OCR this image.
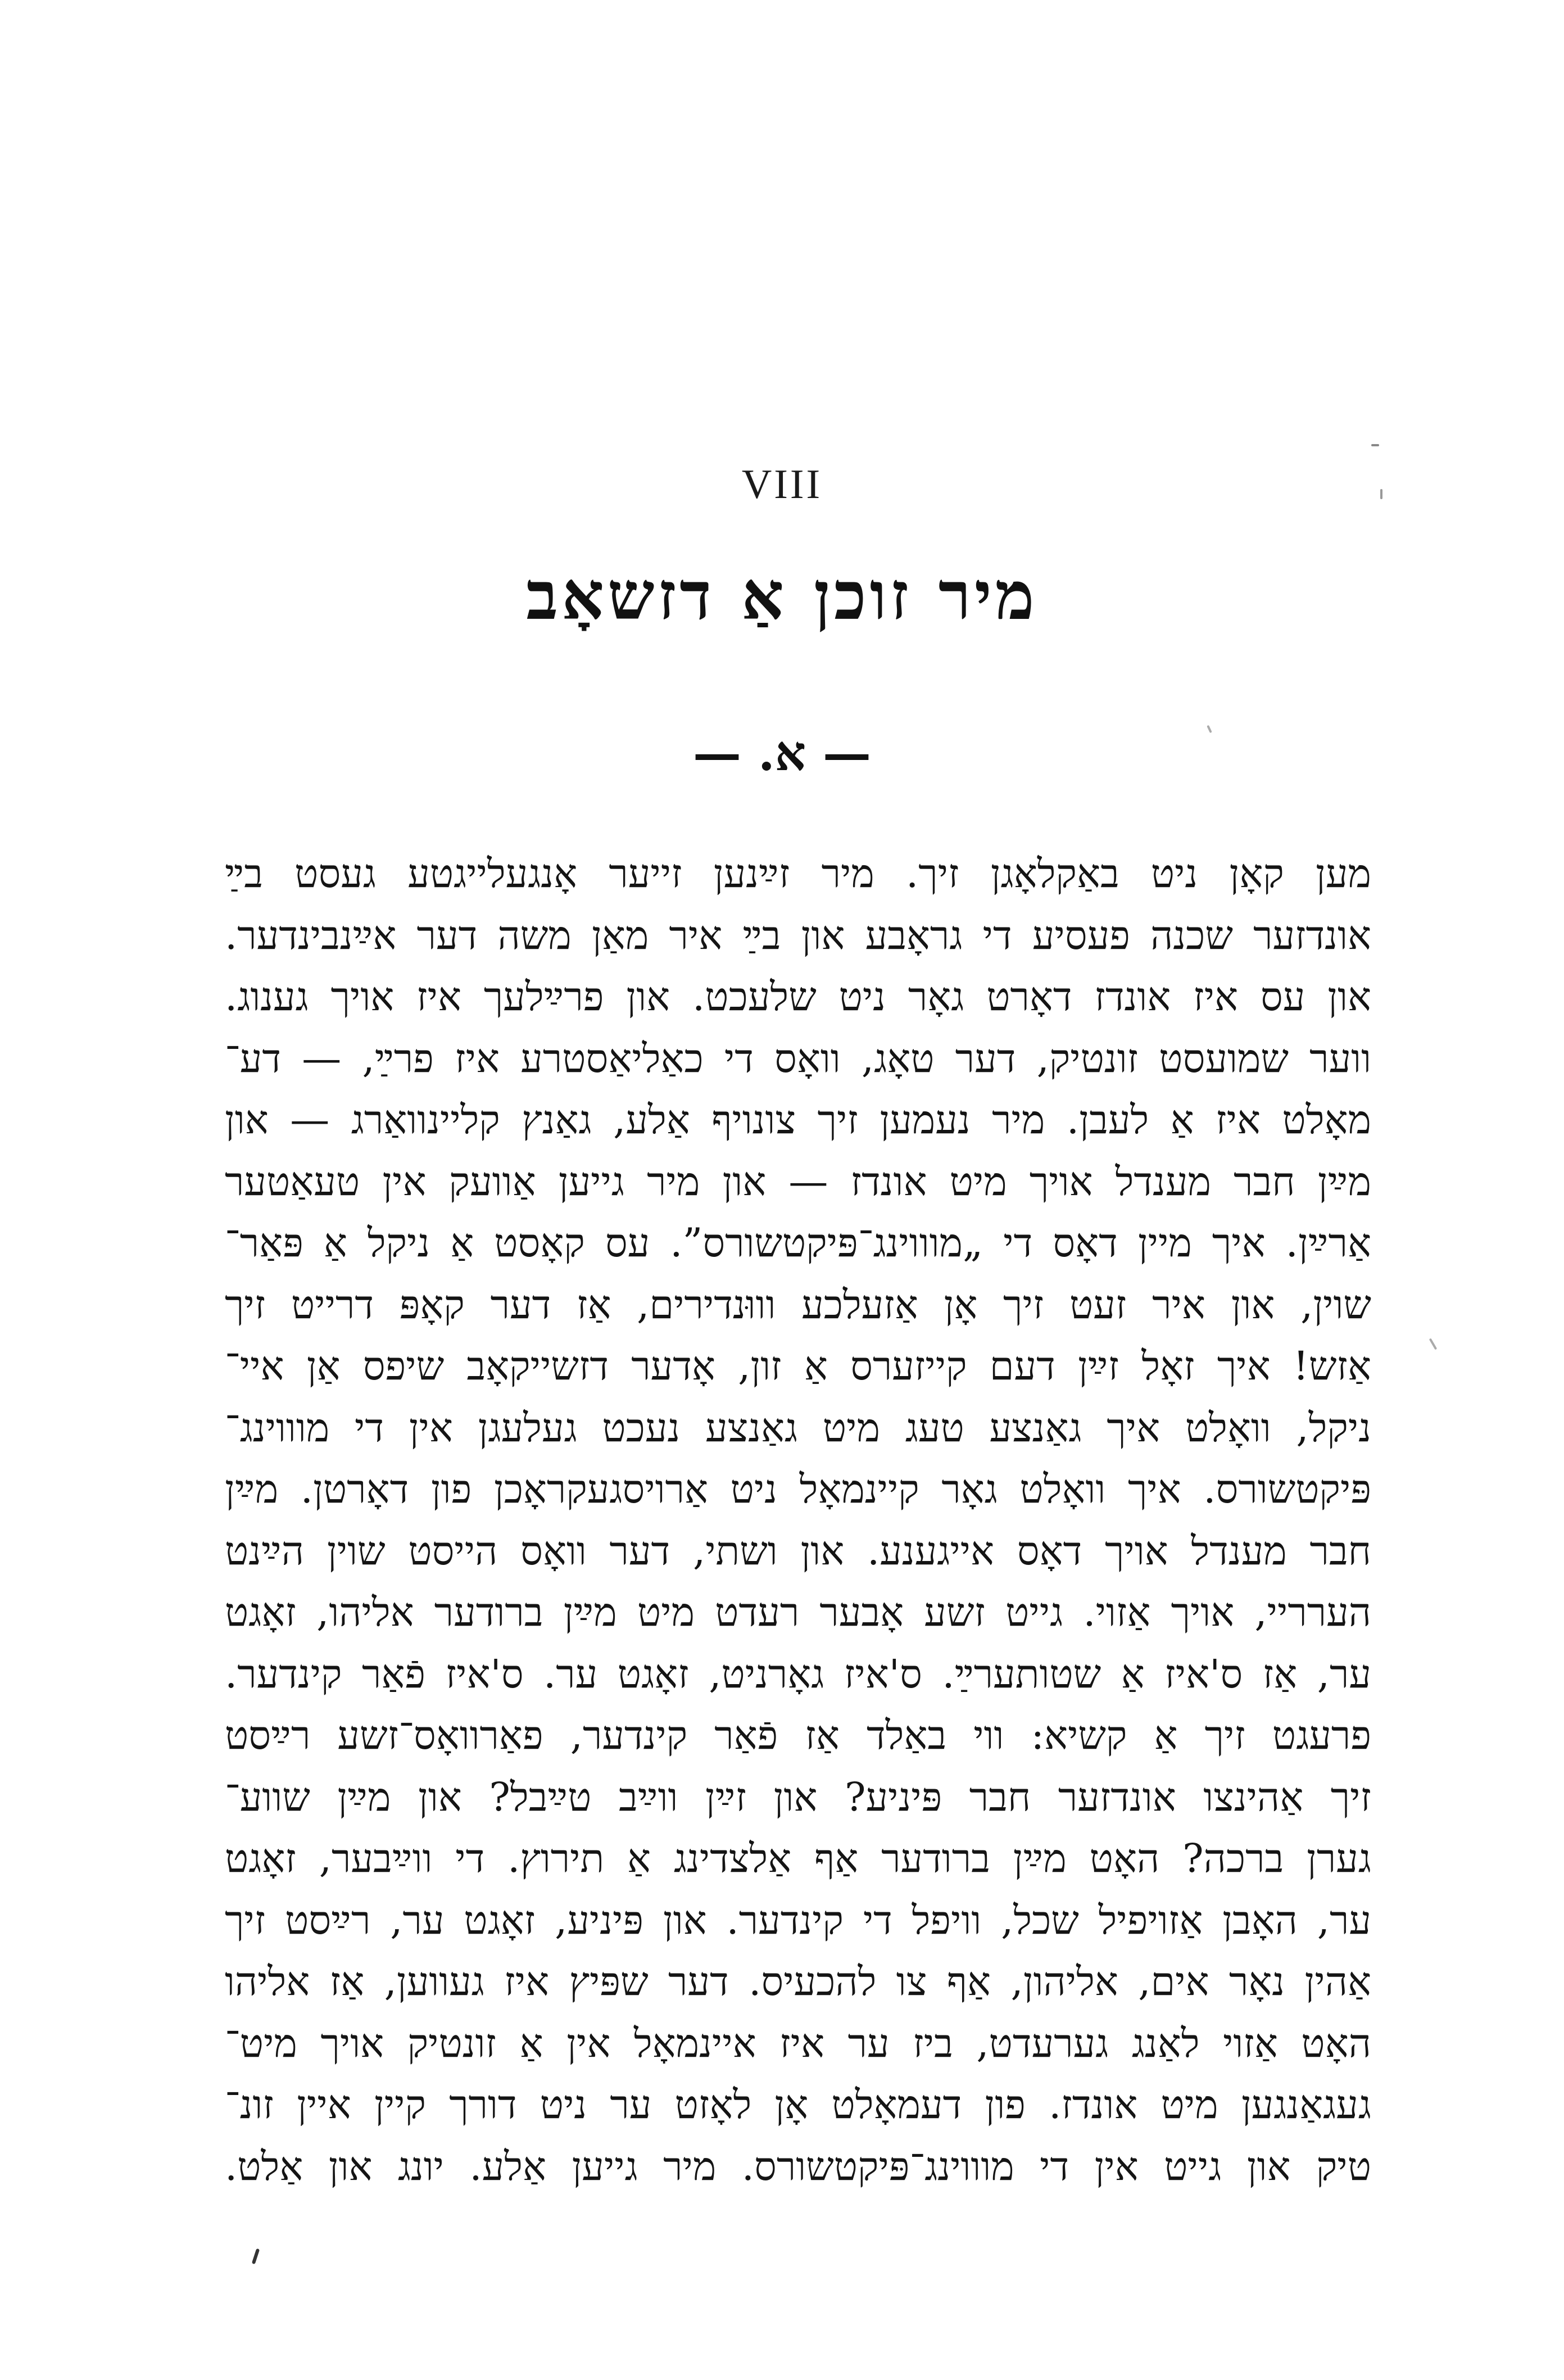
VIII
מיר זוכן אַ דזשאָב
— א. —
מען קאָן ניט באַקלאָגן זיך. מיר זײַנען זייער אָנגעלייגטע געסט בײַ
אונדזער שכנה פעסיע די גראָבע און בײַ איר מאַן משה דער אײַנבינדער.
און עס איז אונדז דאָרט גאָר ניט שלעכט. און פרײַלעך איז אויך גענוג.
ווער שמועסט זונטיק, דער טאָג, וואָס די כאַליאַסטרע איז פרײַ, — דע־
מאָלט איז אַ לעבן. מיר נעמען זיך צונויף אַלע, גאַנץ קליינוואַרג — און
מײַן חבר מענדל אויך מיט אונדז — און מיר גייען אַוועק אין טעאַטער
אַרײַן. איך מיין דאָס די „מוווינג־פּיקטשורס”. עס קאָסט אַ ניקל אַ פּאַר־
שוין, און איר זעט זיך אָן אַזעלכע וווּנדירים, אַז דער קאָפּ דרייט זיך
אַזש! איך זאָל זײַן דעם קייזערס אַ זון, אָדער דזשייקאָב שיפס אַן איי־
ניקל, וואָלט איך גאַנצע טעג מיט גאַנצע נעכט געלעגן אין די מוווינג־
פּיקטשורס. איך וואָלט גאָר קיינמאָל ניט אַרויסגעקראָכן פון דאָרטן. מײַן
חבר מענדל אויך דאָס אייגענע. און ושתי, דער וואָס הייסט שוין הײַנט
הערריי, אויך אַזוי. גייט זשע אָבער רעדט מיט מײַן ברודער אליהו, זאָגט
ער, אַז ס'איז אַ שטותערײַ. ס'איז גאָרניט, זאָגט ער. ס'איז פֿאַר קינדער.
פרעגט זיך אַ קשיא: ווי באַלד אַז פֿאַר קינדער, פאַרוואָס־זשע רײַסט
זיך אַהינצו אונדזער חבר פּיניע? און זײַן ווײַב טײַבל? און מײַן שווע־
גערן ברכה? האָט מײַן ברודער אַף אַלצדינג אַ תירוץ. די ווײַבער, זאָגט
ער, האָבן אַזויפיל שכל, וויפל די קינדער. און פּיניע, זאָגט ער, רײַסט זיך
אַהין נאָר אים, אליהון, אַף צו להכעיס. דער שפּיץ איז געווען, אַז אליהו
האָט אַזוי לאַנג גערעדט, ביז ער איז איינמאָל אין אַ זונטיק אויך מיט־
געגאַנגען מיט אונדז. פון דעמאָלט אָן לאָזט ער ניט דורך קיין איין זונ־
טיק און גייט אין די מוווינג־פּיקטשורס. מיר גייען אַלע. יונג און אַלט.
